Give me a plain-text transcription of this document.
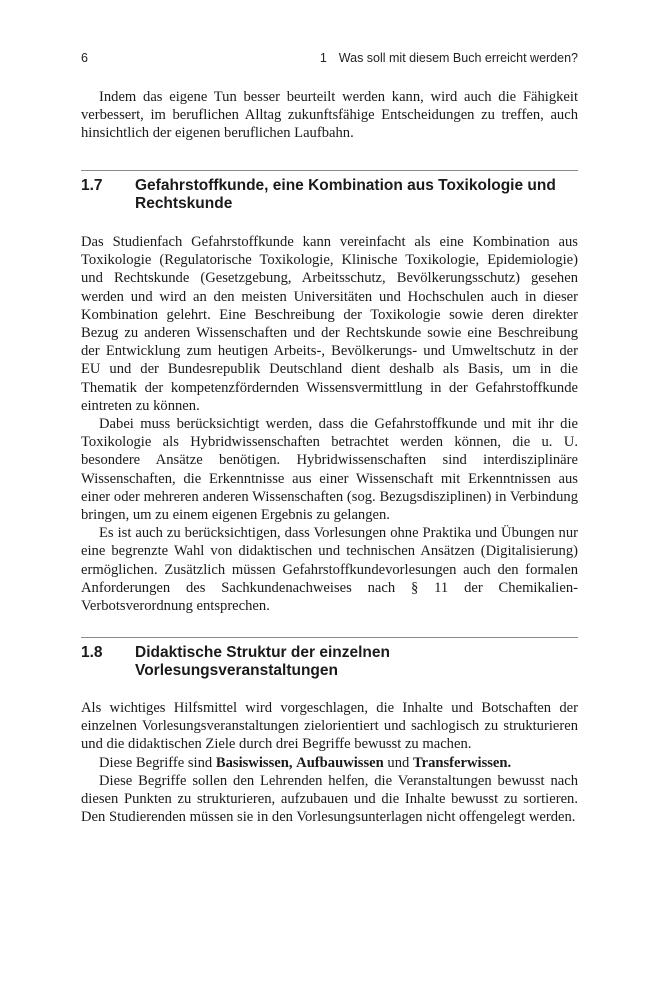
6	1 Was soll mit diesem Buch erreicht werden?

Indem das eigene Tun besser beurteilt werden kann, wird auch die Fähigkeit verbessert, im beruflichen Alltag zukunftsfähige Entscheidungen zu treffen, auch hinsichtlich der eigenen beruflichen Laufbahn.

1.7 Gefahrstoffkunde, eine Kombination aus Toxikologie und Rechtskunde

Das Studienfach Gefahrstoffkunde kann vereinfacht als eine Kombination aus Toxikologie (Regulatorische Toxikologie, Klinische Toxikologie, Epidemiologie) und Rechtskunde (Gesetzgebung, Arbeitsschutz, Bevölkerungsschutz) gesehen werden und wird an den meisten Universitäten und Hochschulen auch in dieser Kombination gelehrt. Eine Beschreibung der Toxikologie sowie deren direkter Bezug zu anderen Wissenschaften und der Rechtskunde sowie eine Beschreibung der Entwicklung zum heutigen Arbeits-, Bevölkerungs- und Umweltschutz in der EU und der Bundesrepublik Deutschland dient deshalb als Basis, um in die Thematik der kompetenzfördernden Wissensvermittlung in der Gefahrstoffkunde eintreten zu können.

Dabei muss berücksichtigt werden, dass die Gefahrstoffkunde und mit ihr die Toxikologie als Hybridwissenschaften betrachtet werden können, die u. U. besondere Ansätze benötigen. Hybridwissenschaften sind interdisziplinäre Wissenschaften, die Erkenntnisse aus einer Wissenschaft mit Erkenntnissen aus einer oder mehreren anderen Wissenschaften (sog. Bezugsdisziplinen) in Verbindung bringen, um zu einem eigenen Ergebnis zu gelangen.

Es ist auch zu berücksichtigen, dass Vorlesungen ohne Praktika und Übungen nur eine begrenzte Wahl von didaktischen und technischen Ansätzen (Digitalisierung) ermöglichen. Zusätzlich müssen Gefahrstoffkundevorlesungen auch den formalen Anforderungen des Sachkundenachweises nach § 11 der Chemikalien-Verbotsverordnung entsprechen.

1.8 Didaktische Struktur der einzelnen Vorlesungsveranstaltungen

Als wichtiges Hilfsmittel wird vorgeschlagen, die Inhalte und Botschaften der einzelnen Vorlesungsveranstaltungen zielorientiert und sachlogisch zu strukturieren und die didaktischen Ziele durch drei Begriffe bewusst zu machen.

Diese Begriffe sind Basiswissen, Aufbauwissen und Transferwissen.

Diese Begriffe sollen den Lehrenden helfen, die Veranstaltungen bewusst nach diesen Punkten zu strukturieren, aufzubauen und die Inhalte bewusst zu sortieren. Den Studierenden müssen sie in den Vorlesungsunterlagen nicht offengelegt werden.
